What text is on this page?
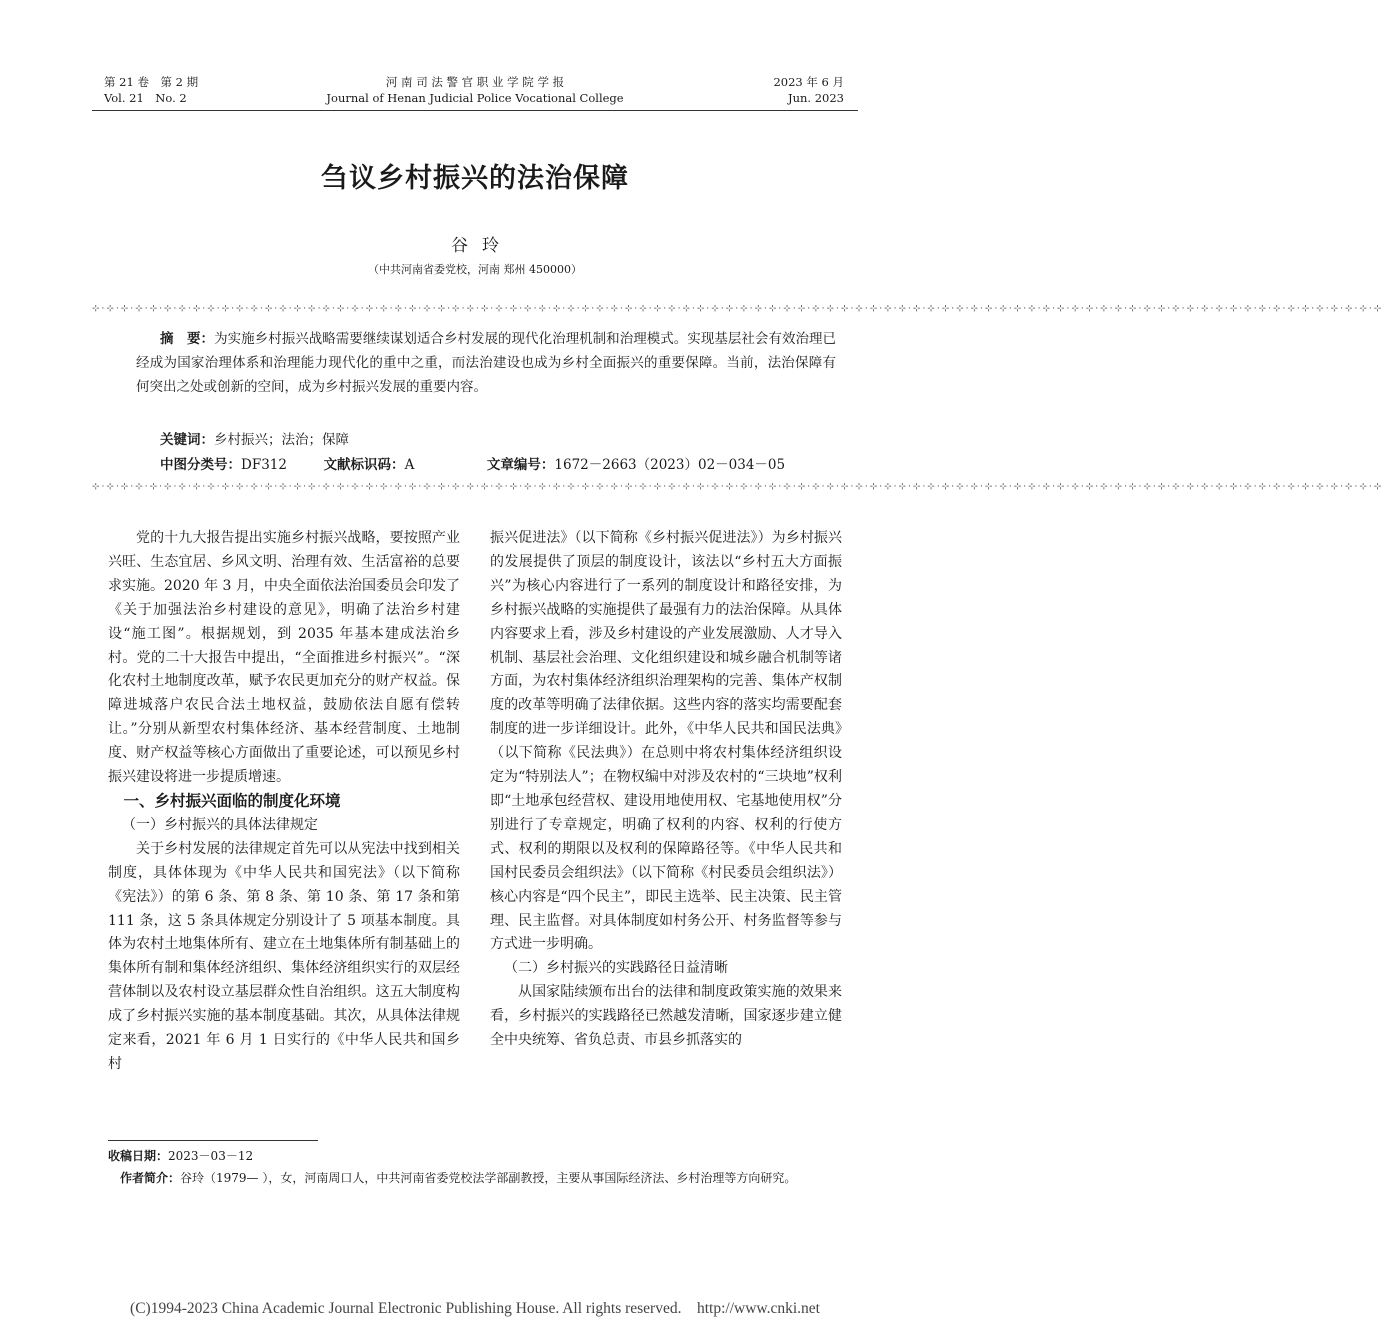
第 21 卷　第 2 期
Vol. 21　No. 2
河 南 司 法 警 官 职 业 学 院 学 报
Journal of Henan Judicial Police Vocational College
2023 年 6 月
Jun. 2023
刍议乡村振兴的法治保障
谷玲
（中共河南省委党校，河南 郑州 450000）
⊹·⊹·⊹·⊹·⊹·⊹·⊹·⊹·⊹·⊹·⊹·⊹·⊹·⊹·⊹·⊹·⊹·⊹·⊹·⊹·⊹·⊹·⊹·⊹·⊹·⊹·⊹·⊹·⊹·⊹·⊹·⊹·⊹·⊹·⊹·⊹·⊹·⊹·⊹·⊹·⊹·⊹·⊹·⊹·⊹·⊹·⊹·⊹·⊹·⊹·⊹·⊹·⊹·⊹·⊹·⊹·⊹·⊹·⊹·⊹·⊹·⊹·⊹·⊹·⊹·⊹·⊹·⊹·⊹·⊹·⊹·⊹·⊹·⊹·⊹·⊹·⊹·⊹·⊹·⊹·⊹·⊹·⊹·⊹·⊹·⊹·⊹·⊹·⊹·⊹
摘　要：为实施乡村振兴战略需要继续谋划适合乡村发展的现代化治理机制和治理模式。实现基层社会有效治理已经成为国家治理体系和治理能力现代化的重中之重，而法治建设也成为乡村全面振兴的重要保障。当前，法治保障有何突出之处或创新的空间，成为乡村振兴发展的重要内容。
关键词：乡村振兴；法治；保障
中图分类号：DF312	文献标识码：A	文章编号：1672－2663（2023）02－034－05
⊹·⊹·⊹·⊹·⊹·⊹·⊹·⊹·⊹·⊹·⊹·⊹·⊹·⊹·⊹·⊹·⊹·⊹·⊹·⊹·⊹·⊹·⊹·⊹·⊹·⊹·⊹·⊹·⊹·⊹·⊹·⊹·⊹·⊹·⊹·⊹·⊹·⊹·⊹·⊹·⊹·⊹·⊹·⊹·⊹·⊹·⊹·⊹·⊹·⊹·⊹·⊹·⊹·⊹·⊹·⊹·⊹·⊹·⊹·⊹·⊹·⊹·⊹·⊹·⊹·⊹·⊹·⊹·⊹·⊹·⊹·⊹·⊹·⊹·⊹·⊹·⊹·⊹·⊹·⊹·⊹·⊹·⊹·⊹·⊹·⊹·⊹·⊹·⊹·⊹

党的十九大报告提出实施乡村振兴战略，要按照产业兴旺、生态宜居、乡风文明、治理有效、生活富裕的总要求实施。2020 年 3 月，中央全面依法治国委员会印发了《关于加强法治乡村建设的意见》，明确了法治乡村建设“施工图”。根据规划，到 2035 年基本建成法治乡村。党的二十大报告中提出，“全面推进乡村振兴”。“深化农村土地制度改革，赋予农民更加充分的财产权益。保障进城落户农民合法土地权益，鼓励依法自愿有偿转让。”分别从新型农村集体经济、基本经营制度、土地制度、财产权益等核心方面做出了重要论述，可以预见乡村振兴建设将进一步提质增速。

一、乡村振兴面临的制度化环境

（一）乡村振兴的具体法律规定

关于乡村发展的法律规定首先可以从宪法中找到相关制度，具体体现为《中华人民共和国宪法》（以下简称《宪法》）的第 6 条、第 8 条、第 10 条、第 17 条和第 111 条，这 5 条具体规定分别设计了 5 项基本制度。具体为农村土地集体所有、建立在土地集体所有制基础上的集体所有制和集体经济组织、集体经济组织实行的双层经营体制以及农村设立基层群众性自治组织。这五大制度构成了乡村振兴实施的基本制度基础。其次，从具体法律规定来看，2021 年 6 月 1 日实行的《中华人民共和国乡村

振兴促进法》（以下简称《乡村振兴促进法》）为乡村振兴的发展提供了顶层的制度设计，该法以“乡村五大方面振兴”为核心内容进行了一系列的制度设计和路径安排，为乡村振兴战略的实施提供了最强有力的法治保障。从具体内容要求上看，涉及乡村建设的产业发展激励、人才导入机制、基层社会治理、文化组织建设和城乡融合机制等诸方面，为农村集体经济组织治理架构的完善、集体产权制度的改革等明确了法律依据。这些内容的落实均需要配套制度的进一步详细设计。此外，《中华人民共和国民法典》（以下简称《民法典》）在总则中将农村集体经济组织设定为“特别法人”；在物权编中对涉及农村的“三块地”权利即“土地承包经营权、建设用地使用权、宅基地使用权”分别进行了专章规定，明确了权利的内容、权利的行使方式、权利的期限以及权利的保障路径等。《中华人民共和国村民委员会组织法》（以下简称《村民委员会组织法》）核心内容是“四个民主”，即民主选举、民主决策、民主管理、民主监督。对具体制度如村务公开、村务监督等参与方式进一步明确。

（二）乡村振兴的实践路径日益清晰

从国家陆续颁布出台的法律和制度政策实施的效果来看，乡村振兴的实践路径已然越发清晰，国家逐步建立健全中央统筹、省负总责、市县乡抓落实的

收稿日期：2023－03－12
作者简介：谷玲（1979— ），女，河南周口人，中共河南省委党校法学部副教授，主要从事国际经济法、乡村治理等方向研究。
(C)1994-2023 China Academic Journal Electronic Publishing House. All rights reserved.　http://www.cnki.net
